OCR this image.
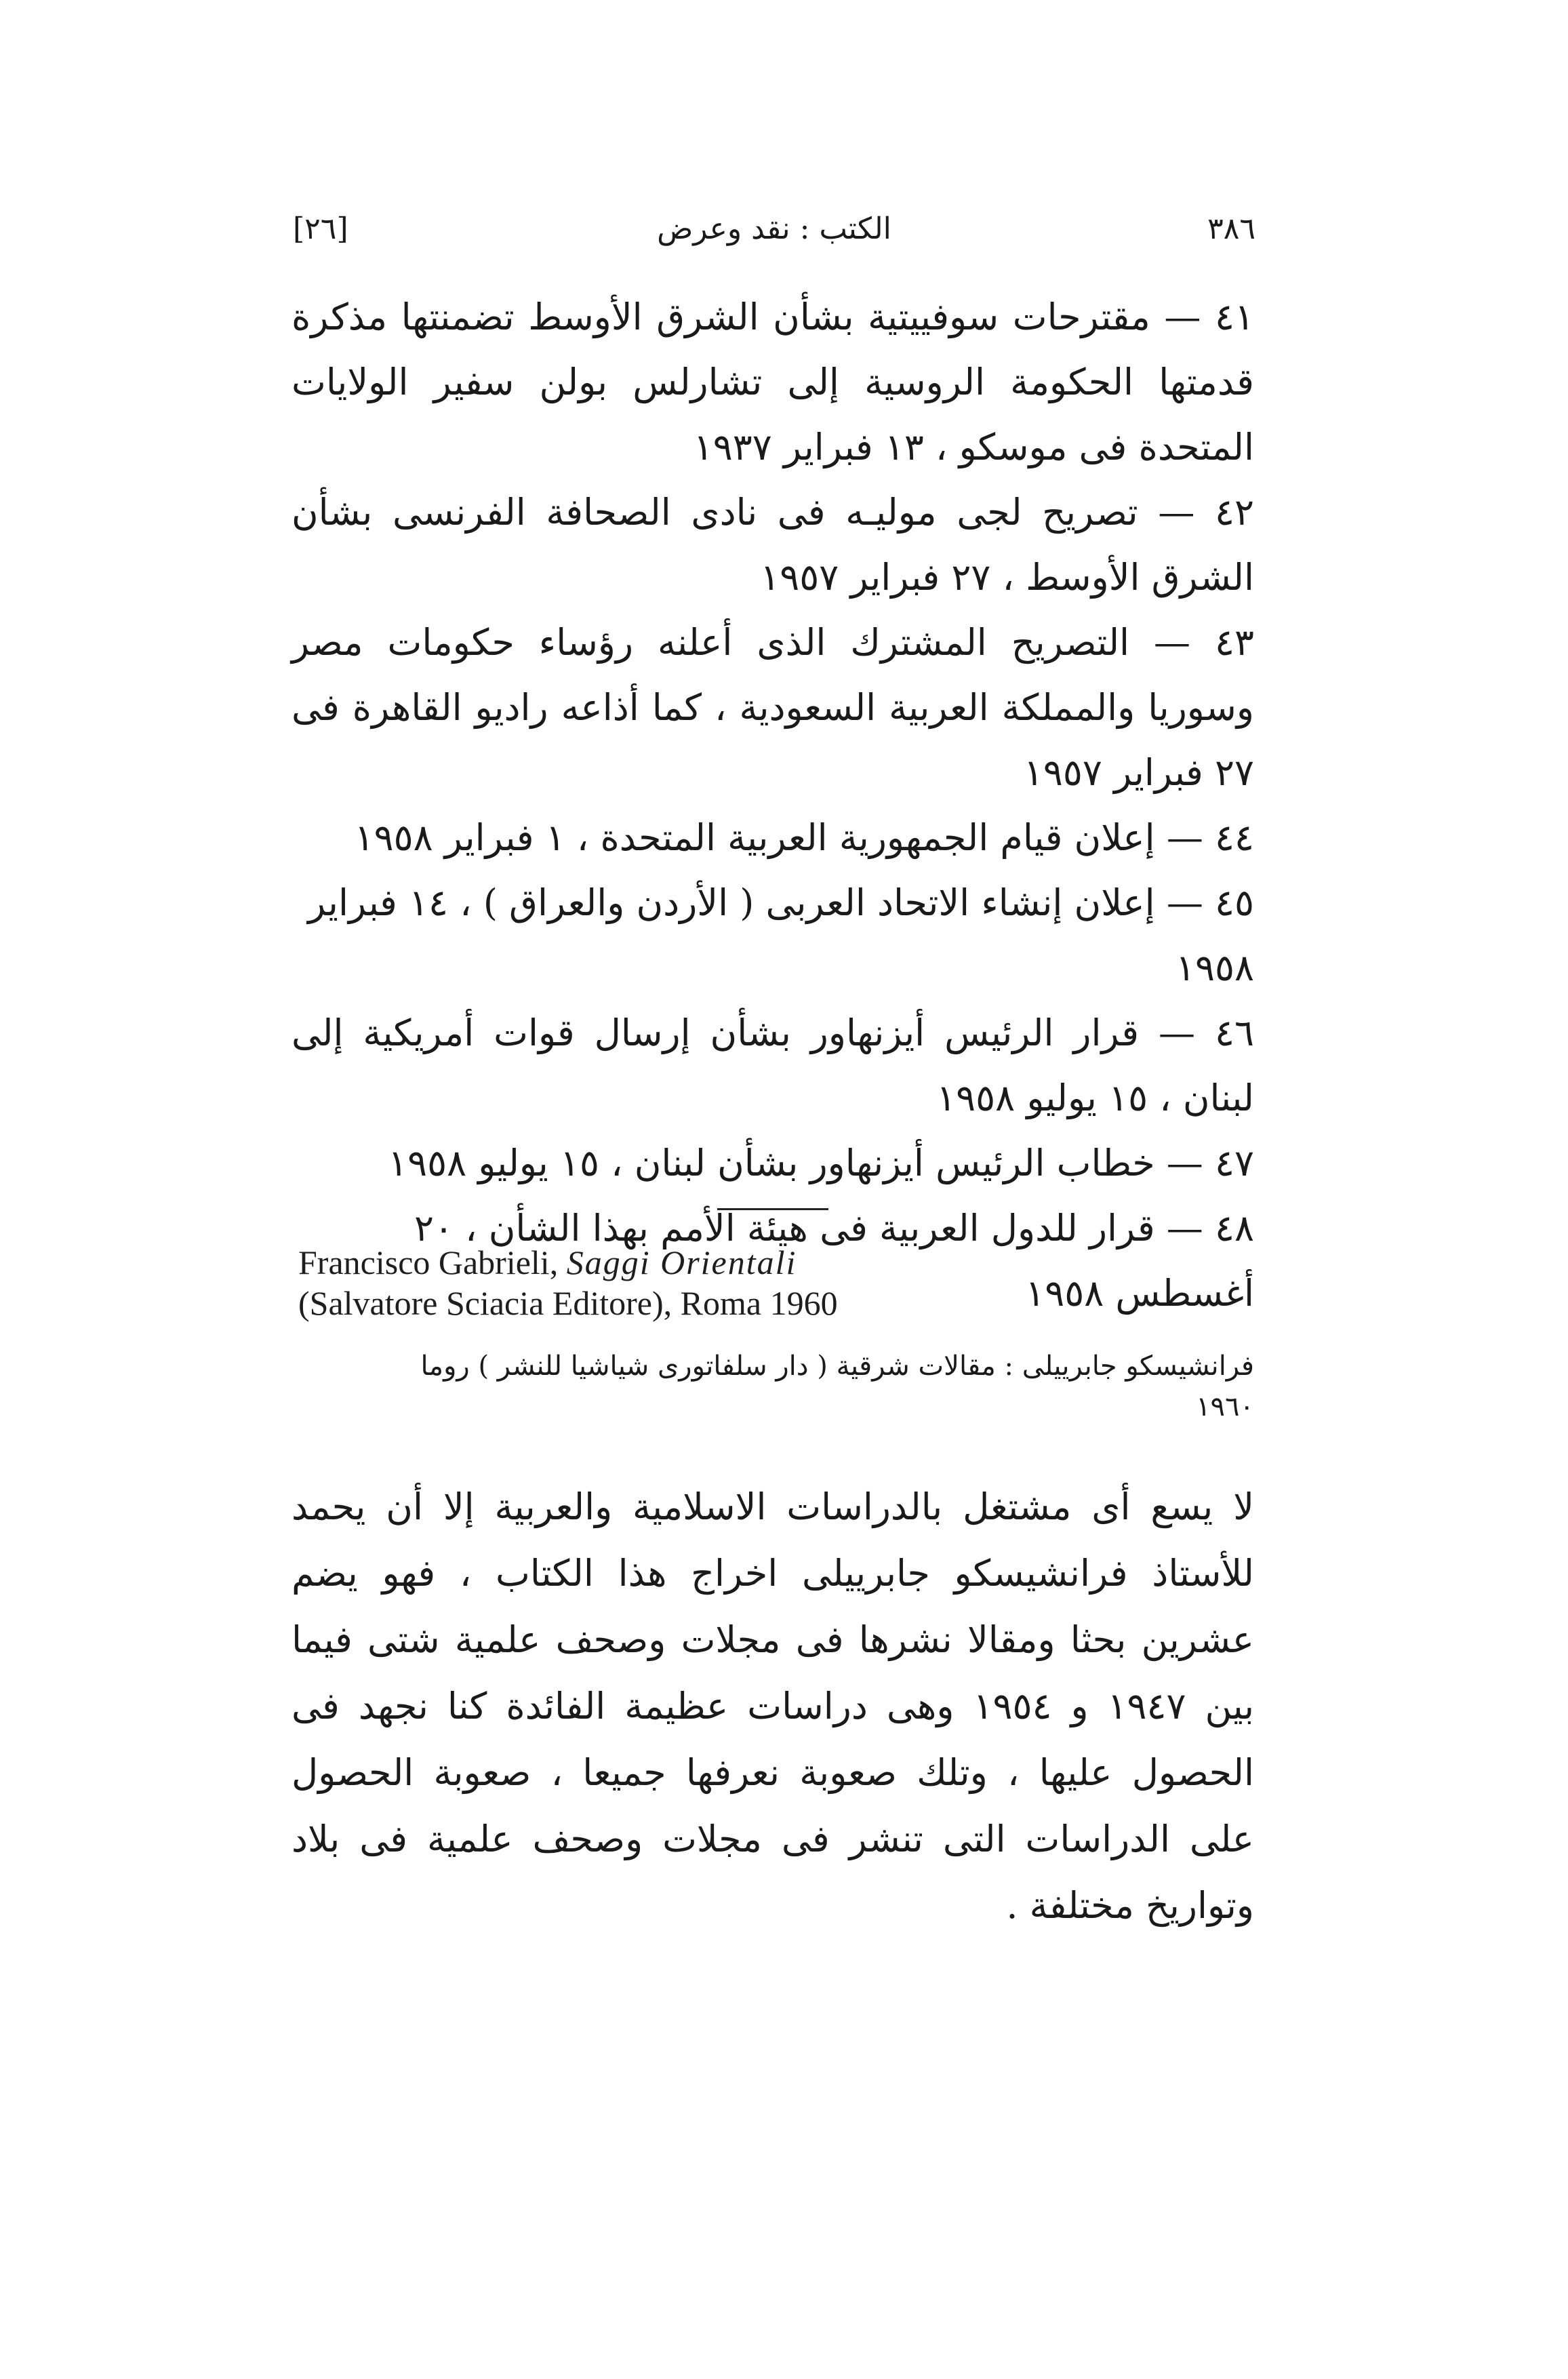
[٢٦]	الكتب : نقد وعرض	٣٨٦

٤١ — مقترحات سوفييتية بشأن الشرق الأوسط تضمنتها مذكرة قدمتها الحكومة الروسية إلى تشارلس بولن سفير الولايات المتحدة فى موسكو ، ١٣ فبراير ١٩٣٧

٤٢ — تصريح لجى موليـه فى نادى الصحافة الفرنسى بشأن الشرق الأوسط ، ٢٧ فبراير ١٩٥٧

٤٣ — التصريح المشترك الذى أعلنه رؤساء حكومات مصر وسوريا والمملكة العربية السعودية ، كما أذاعه راديو القاهرة فى ٢٧ فبراير ١٩٥٧

٤٤ — إعلان قيام الجمهورية العربية المتحدة ، ١ فبراير ١٩٥٨

٤٥ — إعلان إنشاء الاتحاد العربى ( الأردن والعراق ) ، ١٤ فبراير ١٩٥٨

٤٦ — قرار الرئيس أيزنهاور بشأن إرسال قوات أمريكية إلى لبنان ، ١٥ يوليو ١٩٥٨

٤٧ — خطاب الرئيس أيزنهاور بشأن لبنان ، ١٥ يوليو ١٩٥٨

٤٨ — قرار للدول العربية فى هيئة الأمم بهذا الشأن ، ٢٠ أغسطس ١٩٥٨

Francisco Gabrieli, Saggi Orientali
(Salvatore Sciacia Editore), Roma 1960
فرانشيسكو جابرييلى : مقالات شرقية ( دار سلفاتورى شياشيا للنشر ) روما ١٩٦٠

لا يسع أى مشتغل بالدراسات الاسلامية والعربية إلا أن يحمد للأستاذ فرانشيسكو جابرييلى اخراج هذا الكتاب ، فهو يضم عشرين بحثا ومقالا نشرها فى مجلات وصحف علمية شتى فيما بين ١٩٤٧ و ١٩٥٤ وهى دراسات عظيمة الفائدة كنا نجهد فى الحصول عليها ، وتلك صعوبة نعرفها جميعا ، صعوبة الحصول على الدراسات التى تنشر فى مجلات وصحف علمية فى بلاد وتواريخ مختلفة .
